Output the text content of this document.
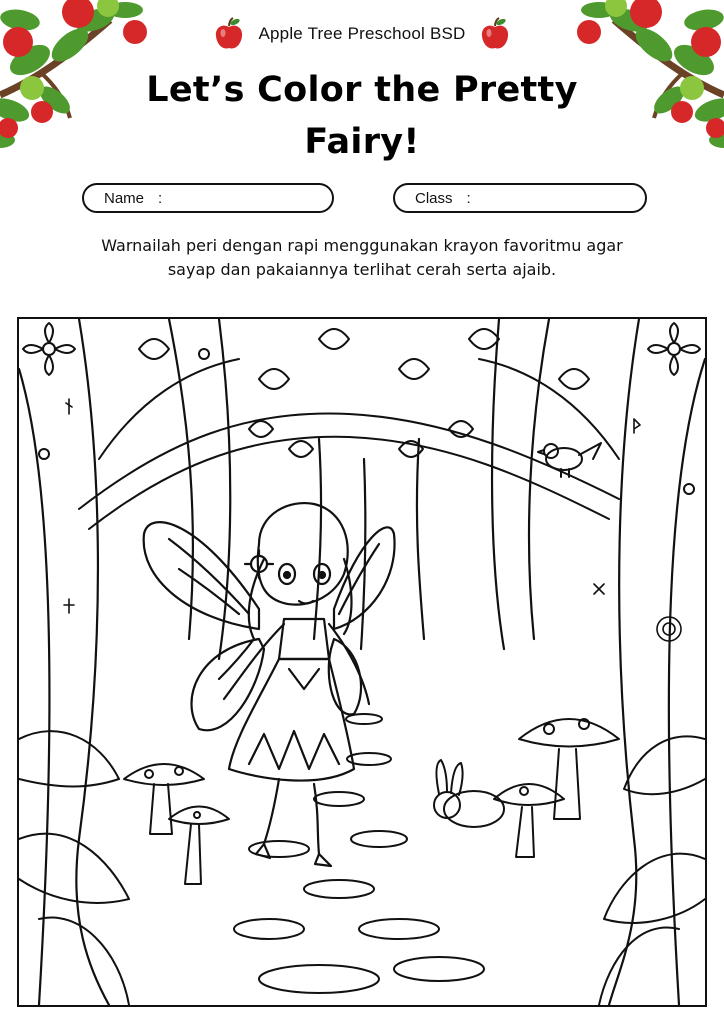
Apple Tree Preschool BSD
Let’s Color the Pretty
Fairy!
Name :	Class :
Warnailah peri dengan rapi menggunakan krayon favoritmu agar
sayap dan pakaiannya terlihat cerah serta ajaib.
